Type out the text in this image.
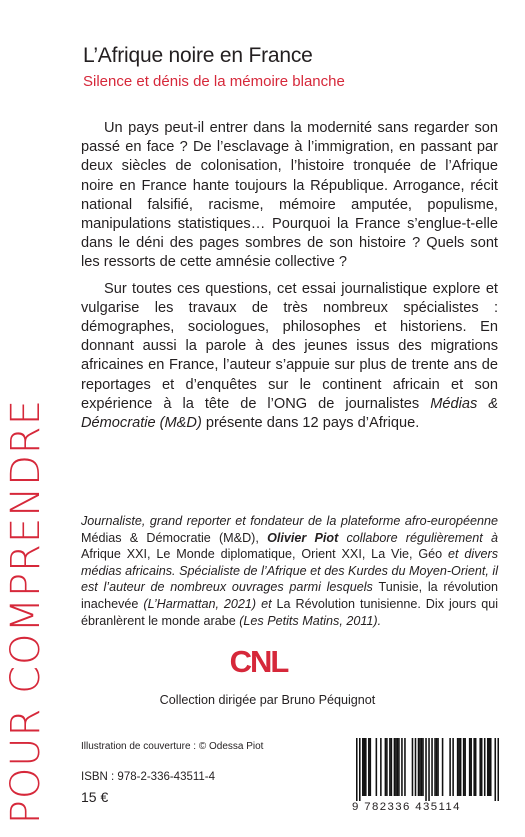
L’Afrique noire en France
Silence et dénis de la mémoire blanche

Un pays peut-il entrer dans la modernité sans regarder son passé en face ? De l’esclavage à l’immigration, en passant par deux siècles de colonisation, l’histoire tronquée de l’Afrique noire en France hante toujours la République. Arrogance, récit national falsifié, racisme, mémoire amputée, populisme, manipulations statistiques… Pourquoi la France s’englue-t-elle dans le déni des pages sombres de son histoire ? Quels sont les ressorts de cette amnésie collective ?

Sur toutes ces questions, cet essai journalistique explore et vulgarise les travaux de très nombreux spécialistes : démographes, sociologues, philosophes et historiens. En donnant aussi la parole à des jeunes issus des migrations africaines en France, l’auteur s’appuie sur plus de trente ans de reportages et d’enquêtes sur le continent africain et son expérience à la tête de l’ONG de journalistes Médias & Démocratie (M&D) présente dans 12 pays d’Afrique.

POUR COMPRENDRE	Journaliste, grand reporter et fondateur de la plateforme afro-européenne Médias & Démocratie (M&D), Olivier Piot collabore régulièrement à Afrique XXI, Le Monde diplomatique, Orient XXI, La Vie, Géo et divers médias africains. Spécialiste de l’Afrique et des Kurdes du Moyen-Orient, il est l’auteur de nombreux ouvrages parmi lesquels Tunisie, la révolution inachevée (L’Harmattan, 2021) et La Révolution tunisienne. Dix jours qui ébranlèrent le monde arabe (Les Petits Matins, 2011).
CNL
Collection dirigée par Bruno Péquignot
Illustration de couverture : © Odessa Piot
ISBN : 978-2-336-43511-4
15 €
9 782336 435114
